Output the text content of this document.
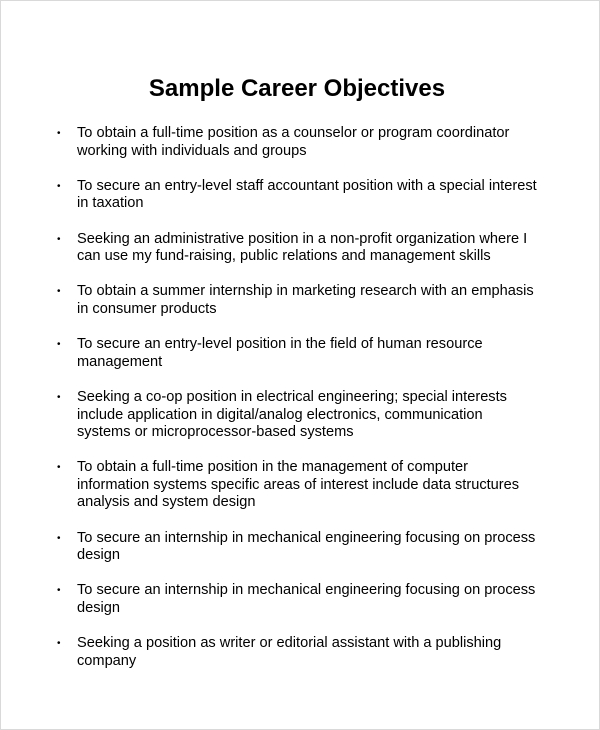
Sample Career Objectives
• To obtain a full-time position as a counselor or program coordinator
working with individuals and groups
• To secure an entry-level staff accountant position with a special interest
in taxation
• Seeking an administrative position in a non-profit organization where I
can use my fund-raising, public relations and management skills
• To obtain a summer internship in marketing research with an emphasis
in consumer products
• To secure an entry-level position in the field of human resource
management
• Seeking a co-op position in electrical engineering; special interests
include application in digital/analog electronics, communication
systems or microprocessor-based systems
• To obtain a full-time position in the management of computer
information systems specific areas of interest include data structures
analysis and system design
• To secure an internship in mechanical engineering focusing on process
design
• To secure an internship in mechanical engineering focusing on process
design
• Seeking a position as writer or editorial assistant with a publishing
company
